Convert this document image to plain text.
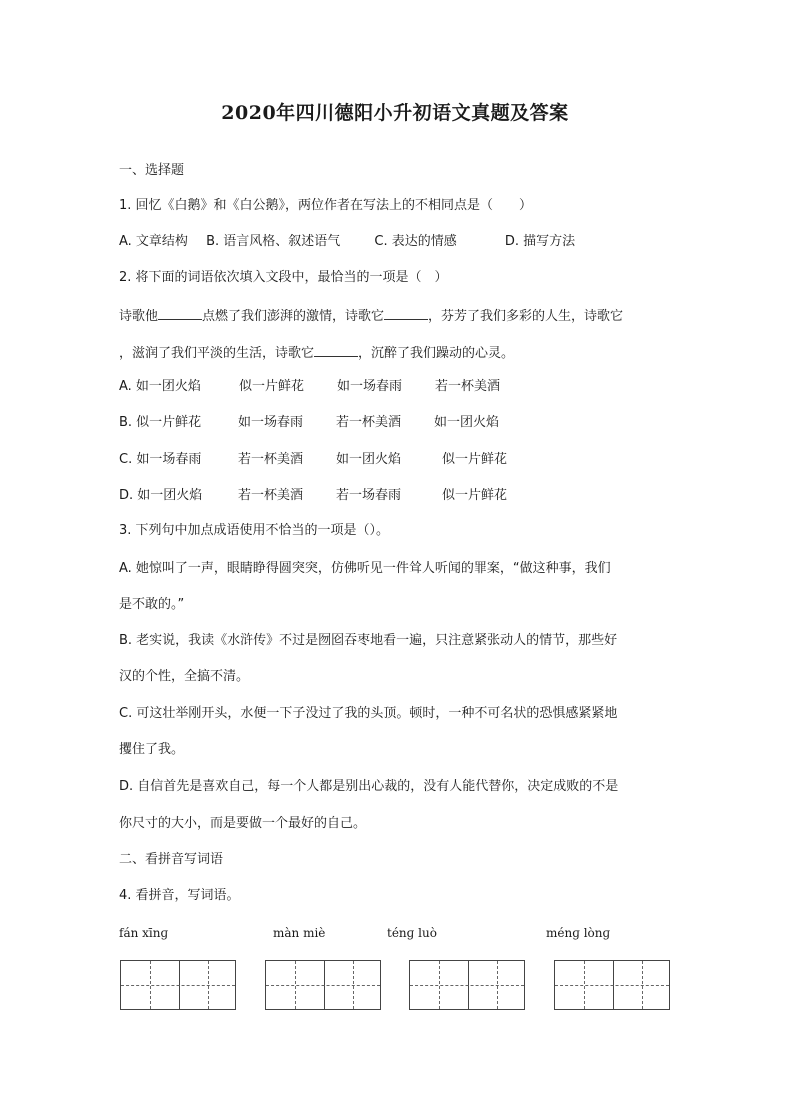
2020年四川德阳小升初语文真题及答案
一、选择题
1. 回忆《白鹅》和《白公鹅》，两位作者在写法上的不相同点是（　　）
A. 文章结构 B. 语言风格、叙述语气	C. 表达的情感	D. 描写方法
2. 将下面的词语依次填入文段中，最恰当的一项是（　）
诗歌他	点燃了我们澎湃的激情，诗歌它	，芬芳了我们多彩的人生，诗歌它
，滋润了我们平淡的生活，诗歌它	，沉醉了我们躁动的心灵。
A. 如一团火焰	似一片鲜花	如一场春雨	若一杯美酒
B. 似一片鲜花	如一场春雨	若一杯美酒	如一团火焰
C. 如一场春雨	若一杯美酒	如一团火焰	似一片鲜花
D. 如一团火焰	若一杯美酒	若一场春雨	似一片鲜花
3. 下列句中加点成语使用不恰当的一项是（）。
A. 她惊叫了一声，眼睛睁得圆突突，仿佛听见一件耸人听闻的罪案，“做这种事，我们
是不敢的。”
B. 老实说，我读《水浒传》不过是囫囵吞枣地看一遍，只注意紧张动人的情节，那些好
汉的个性，全搞不清。
C. 可这壮举刚开头，水便一下子没过了我的头顶。顿时，一种不可名状的恐惧感紧紧地
攫住了我。
D. 自信首先是喜欢自己，每一个人都是别出心裁的，没有人能代替你，决定成败的不是
你尺寸的大小，而是要做一个最好的自己。
二、看拼音写词语
4. 看拼音，写词语。
fán xīnɡ	màn miè	ténɡ luò	ménɡ lònɡ
